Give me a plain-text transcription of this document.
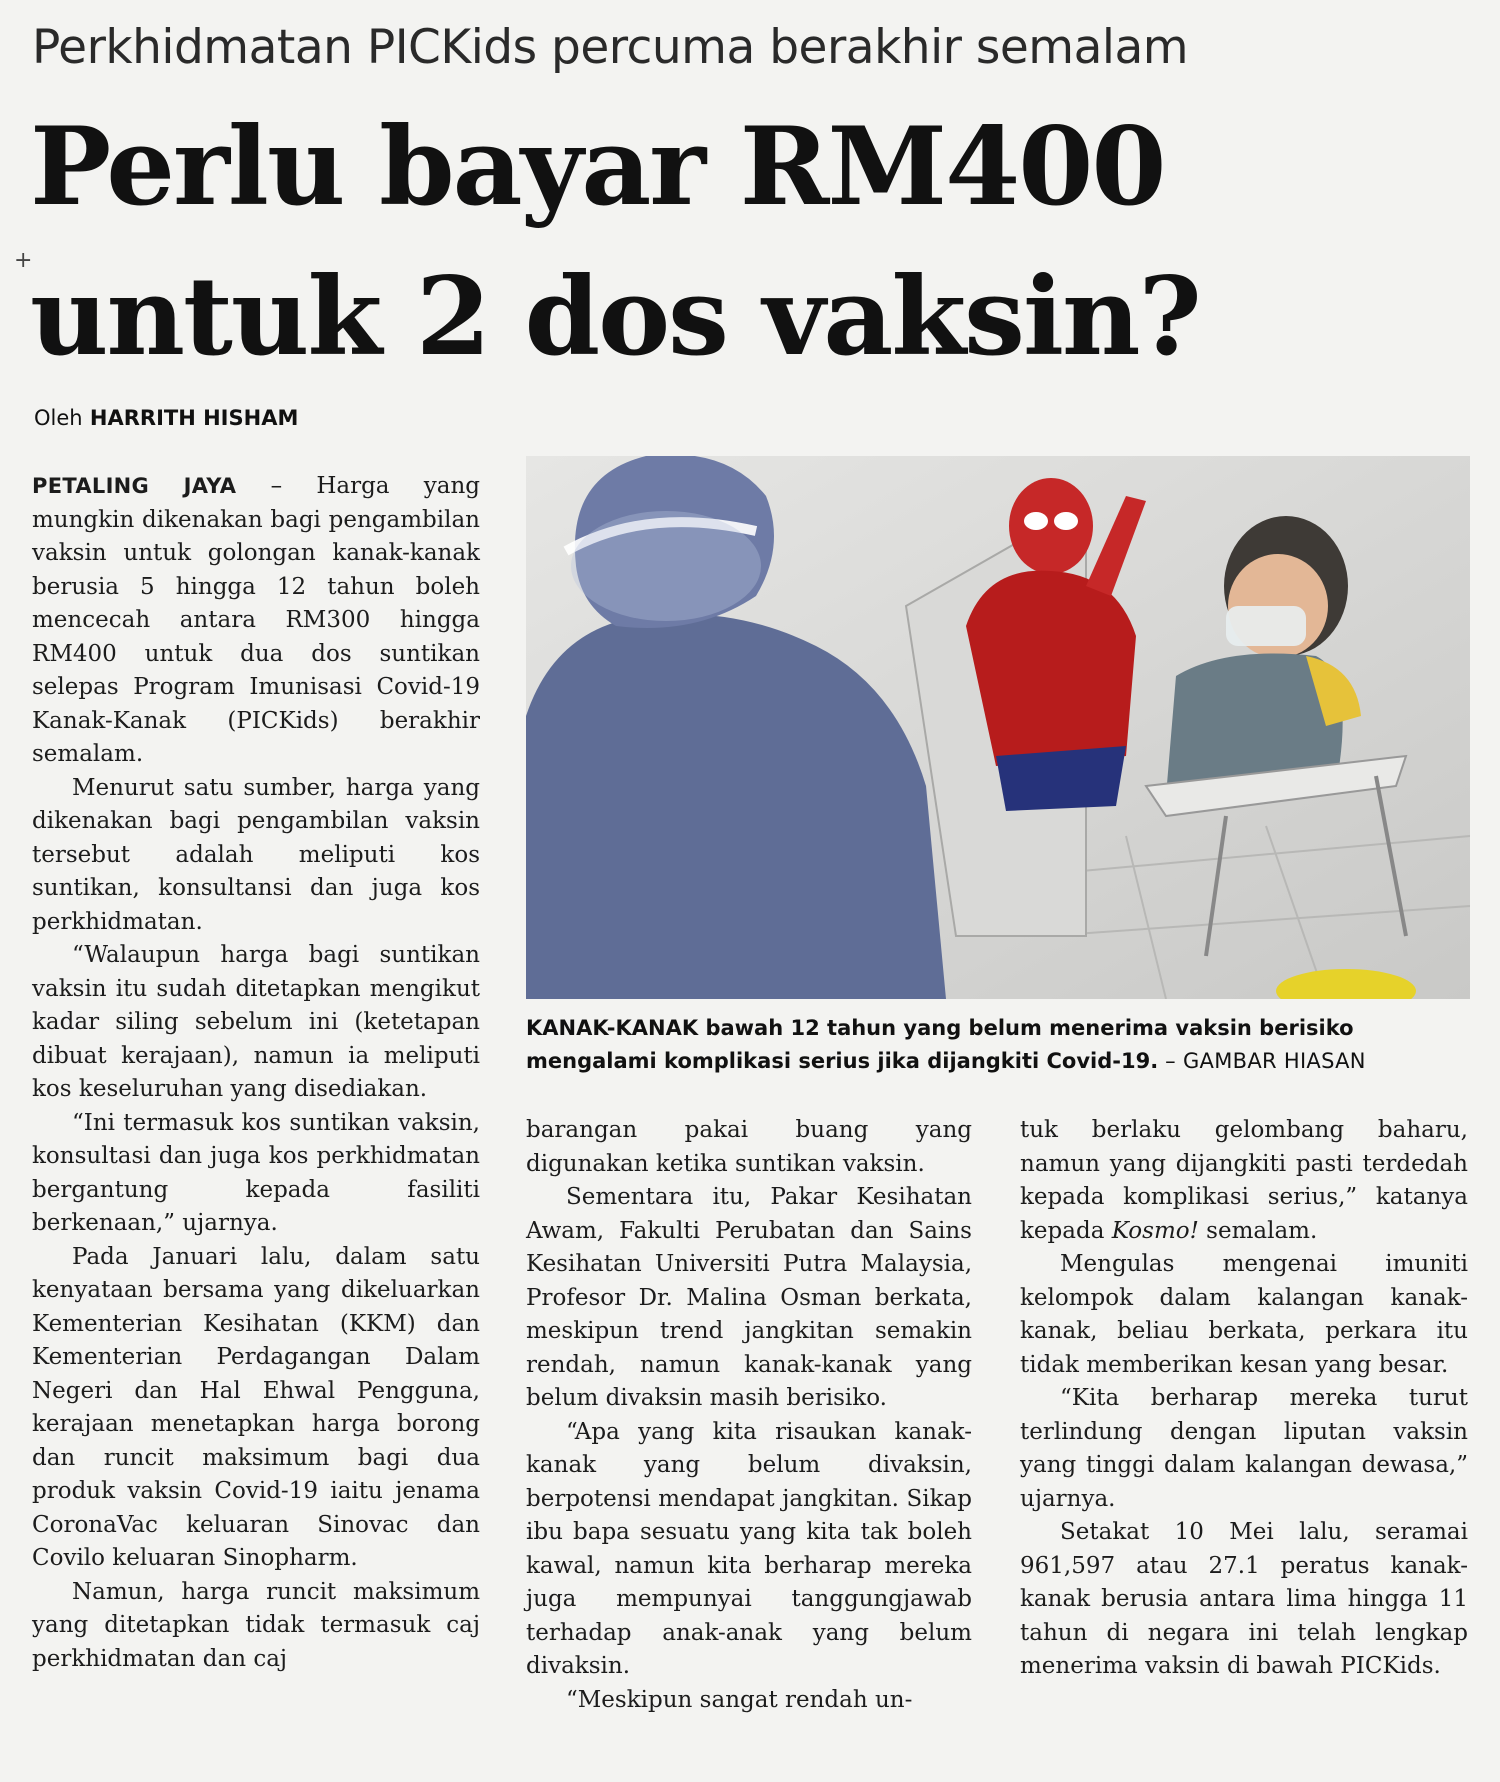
+
Perkhidmatan PICKids percuma berakhir semalam
Perlu bayar RM400
untuk 2 dos vaksin?
Oleh HARRITH HISHAM

PETALING JAYA – Harga yang mungkin dikenakan bagi pengambilan vaksin untuk golongan kanak-kanak berusia 5 hingga 12 tahun boleh mencecah antara RM300 hingga RM400 untuk dua dos suntikan selepas Program Imunisasi Covid-19 Kanak-Kanak (PICKids) berakhir semalam.

Menurut satu sumber, harga yang dikenakan bagi pengambilan vaksin tersebut adalah meliputi kos suntikan, konsultansi dan juga kos perkhidmatan.

“Walaupun harga bagi suntikan vaksin itu sudah ditetapkan mengikut kadar siling sebelum ini (ketetapan dibuat kerajaan), namun ia meliputi kos keseluruhan yang disediakan.

“Ini termasuk kos suntikan vaksin, konsultasi dan juga kos perkhidmatan bergantung kepada fasiliti berkenaan,” ujarnya.

Pada Januari lalu, dalam satu kenyataan bersama yang dikeluarkan Kementerian Kesihatan (KKM) dan Kementerian Perdagangan Dalam Negeri dan Hal Ehwal Pengguna, kerajaan menetapkan harga borong dan runcit maksimum bagi dua produk vaksin Covid-19 iaitu jenama CoronaVac keluaran Sinovac dan Covilo keluaran Sinopharm.

Namun, harga runcit maksimum yang ditetapkan tidak termasuk caj perkhidmatan dan caj

KANAK-KANAK bawah 12 tahun yang belum menerima vaksin berisiko mengalami komplikasi serius jika dijangkiti Covid-19. – GAMBAR HIASAN

barangan pakai buang yang digunakan ketika suntikan vaksin.

Sementara itu, Pakar Kesihatan Awam, Fakulti Perubatan dan Sains Kesihatan Universiti Putra Malaysia, Profesor Dr. Malina Osman berkata, meskipun trend jangkitan semakin rendah, namun kanak-kanak yang belum divaksin masih berisiko.

“Apa yang kita risaukan kanak-kanak yang belum divaksin, berpotensi mendapat jangkitan. Sikap ibu bapa sesuatu yang kita tak boleh kawal, namun kita berharap mereka juga mempunyai tanggungjawab terhadap anak-anak yang belum divaksin.

“Meskipun sangat rendah un-

tuk berlaku gelombang baharu, namun yang dijangkiti pasti terdedah kepada komplikasi serius,” katanya kepada Kosmo! semalam.

Mengulas mengenai imuniti kelompok dalam kalangan kanak-kanak, beliau berkata, perkara itu tidak memberikan kesan yang besar.

“Kita berharap mereka turut terlindung dengan liputan vaksin yang tinggi dalam kalangan dewasa,” ujarnya.

Setakat 10 Mei lalu, seramai 961,597 atau 27.1 peratus kanak-kanak berusia antara lima hingga 11 tahun di negara ini telah lengkap menerima vaksin di bawah PICKids.
